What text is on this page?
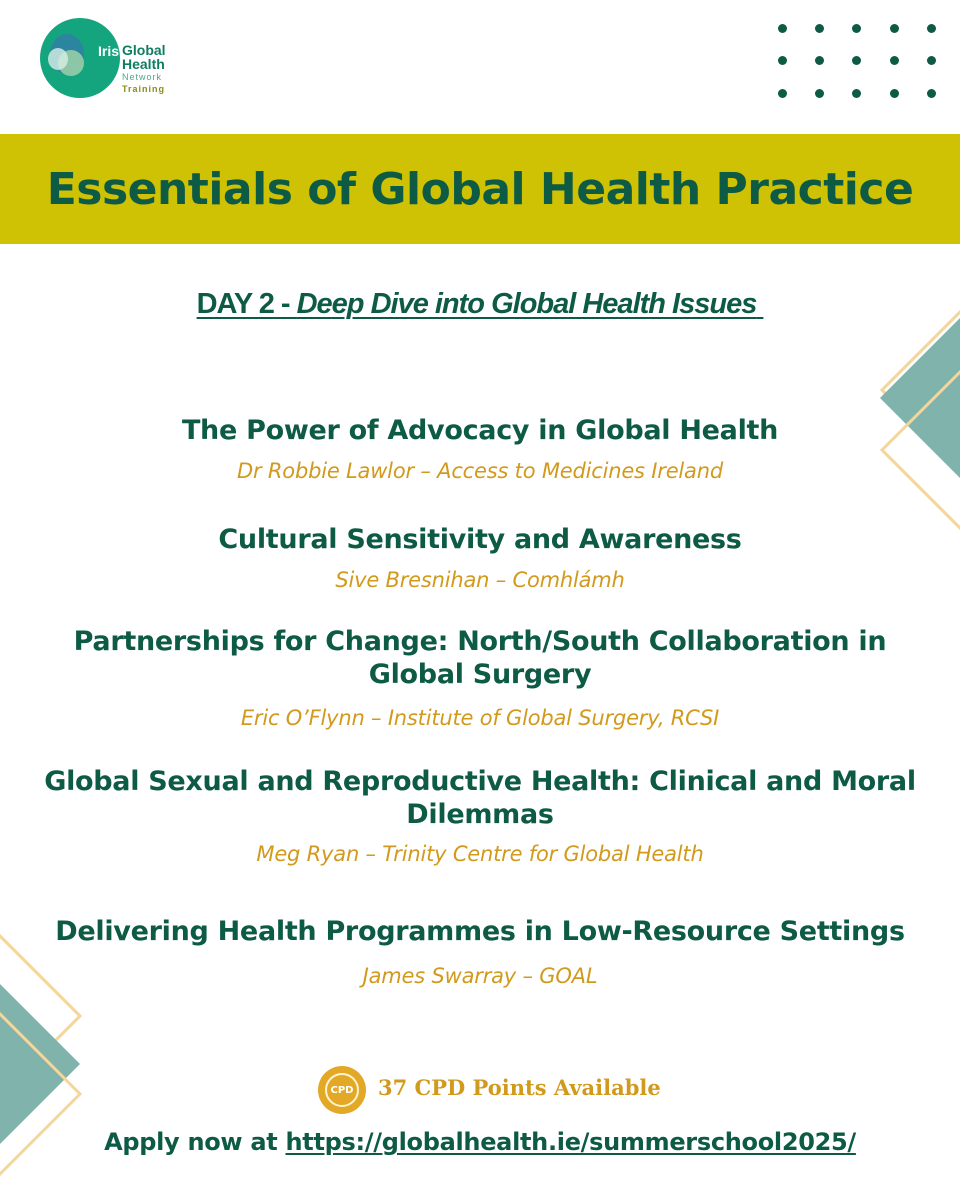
Irish
Global
Health
Network
Training
Essentials of Global Health Practice
DAY 2 - Deep Dive into Global Health Issues
The Power of Advocacy in Global Health
Dr Robbie Lawlor – Access to Medicines Ireland
Cultural Sensitivity and Awareness
Sive Bresnihan – Comhlámh
Partnerships for Change: North/South Collaboration in
Global Surgery
Eric O’Flynn – Institute of Global Surgery, RCSI
Global Sexual and Reproductive Health: Clinical and Moral
Dilemmas
Meg Ryan – Trinity Centre for Global Health
Delivering Health Programmes in Low-Resource Settings
James Swarray – GOAL
CPD 37 CPD Points Available
Apply now at https://globalhealth.ie/summerschool2025/
